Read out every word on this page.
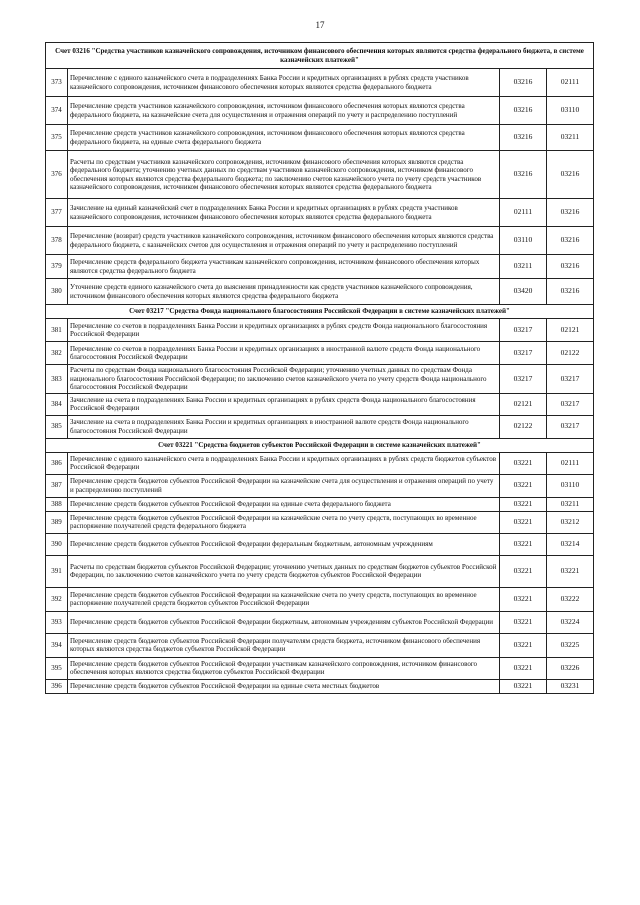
17
Счет 03216 "Средства участников казначейского сопровождения, источником финансового обеспечения которых являются средства федерального бюджета, в системе казначейских платежей"			
373	Перечисление с единого казначейского счета в подразделениях Банка России и кредитных организациях в рублях средств участников казначейского сопровождения, источником финансового обеспечения которых являются средства федерального бюджета	03216	02111
374	Перечисление средств участников казначейского сопровождения, источником финансового обеспечения которых являются средства федерального бюджета, на казначейские счета для осуществления и отражения операций по учету и распределению поступлений	03216	03110
375	Перечисление средств участников казначейского сопровождения, источником финансового обеспечения которых являются средства федерального бюджета, на единые счета федерального бюджета	03216	03211
376	Расчеты по средствам участников казначейского сопровождения, источником финансового обеспечения которых являются средства федерального бюджета; уточнению учетных данных по средствам участников казначейского сопровождения, источником финансового обеспечения которых являются средства федерального бюджета; по заключению счетов казначейского учета по учету средств участников казначейского сопровождения, источником финансового обеспечения которых являются средства федерального бюджета	03216	03216
377	Зачисление на единый казначейский счет в подразделениях Банка России и кредитных организациях в рублях средств участников казначейского сопровождения, источником финансового обеспечения которых являются средства федерального бюджета	02111	03216
378	Перечисление (возврат) средств участников казначейского сопровождения, источником финансового обеспечения которых являются средства федерального бюджета, с казначейских счетов для осуществления и отражения операций по учету и распределению поступлений	03110	03216
379	Перечисление средств федерального бюджета участникам казначейского сопровождения, источником финансового обеспечения которых являются средства федерального бюджета	03211	03216
380	Уточнение средств единого казначейского счета до выяснения принадлежности как средств участников казначейского сопровождения, источником финансового обеспечения которых являются средства федерального бюджета	03420	03216
Счет 03217 "Средства Фонда национального благосостояния Российской Федерации в системе казначейских платежей"			
381	Перечисление со счетов в подразделениях Банка России и кредитных организациях в рублях средств Фонда национального благосостояния Российской Федерации	03217	02121
382	Перечисление со счетов в подразделениях Банка России и кредитных организациях в иностранной валюте средств Фонда национального благосостояния Российской Федерации	03217	02122
383	Расчеты по средствам Фонда национального благосостояния Российской Федерации; уточнению учетных данных по средствам Фонда национального благосостояния Российской Федерации; по заключению счетов казначейского учета по учету средств Фонда национального благосостояния Российской Федерации	03217	03217
384	Зачисление на счета в подразделениях Банка России и кредитных организациях в рублях средств Фонда национального благосостояния Российской Федерации	02121	03217
385	Зачисление на счета в подразделениях Банка России и кредитных организациях в иностранной валюте средств Фонда национального благосостояния Российской Федерации	02122	03217
Счет 03221 "Средства бюджетов субъектов Российской Федерации в системе казначейских платежей"			
386	Перечисление с единого казначейского счета в подразделениях Банка России и кредитных организациях в рублях средств бюджетов субъектов Российской Федерации	03221	02111
387	Перечисление средств бюджетов субъектов Российской Федерации на казначейские счета для осуществления и отражения операций по учету и распределению поступлений	03221	03110
388	Перечисление средств бюджетов субъектов Российской Федерации на единые счета федерального бюджета	03221	03211
389	Перечисление средств бюджетов субъектов Российской Федерации на казначейские счета по учету средств, поступающих во временное распоряжение получателей средств федерального бюджета	03221	03212
390	Перечисление средств бюджетов субъектов Российской Федерации федеральным бюджетным, автономным учреждениям	03221	03214
391	Расчеты по средствам бюджетов субъектов Российской Федерации; уточнению учетных данных по средствам бюджетов субъектов Российской Федерации, по заключению счетов казначейского учета по учету средств бюджетов субъектов Российской Федерации	03221	03221
392	Перечисление средств бюджетов субъектов Российской Федерации на казначейские счета по учету средств, поступающих во временное распоряжение получателей средств бюджетов субъектов Российской Федерации	03221	03222
393	Перечисление средств бюджетов субъектов Российской Федерации бюджетным, автономным учреждениям субъектов Российской Федерации	03221	03224
394	Перечисление средств бюджетов субъектов Российской Федерации получателям средств бюджета, источником финансового обеспечения которых являются средства бюджетов субъектов Российской Федерации	03221	03225
395	Перечисление средств бюджетов субъектов Российской Федерации участникам казначейского сопровождения, источником финансового обеспечения которых являются средства бюджетов субъектов Российской Федерации	03221	03226
396	Перечисление средств бюджетов субъектов Российской Федерации на единые счета местных бюджетов	03221	03231
